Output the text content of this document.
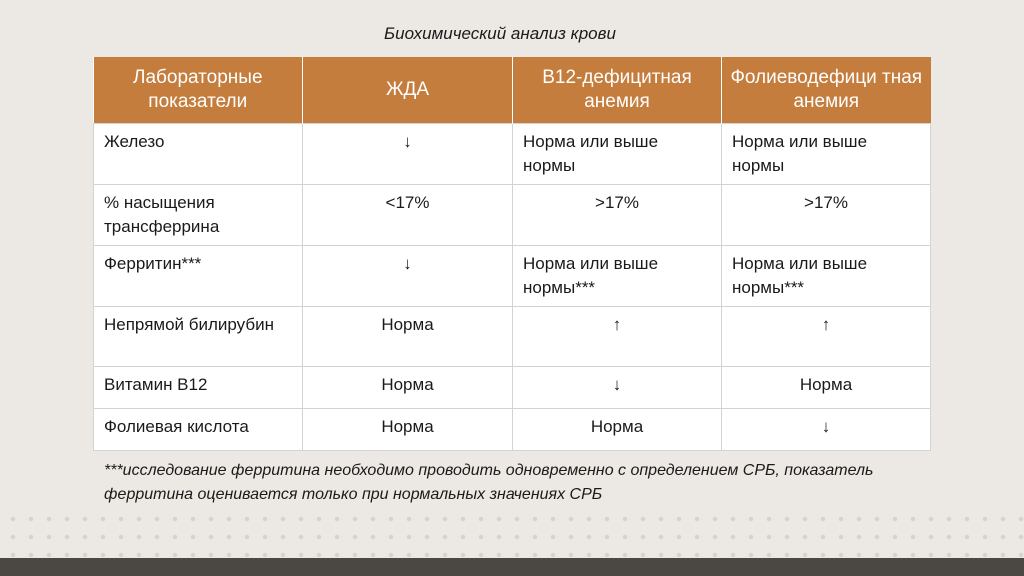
Биохимический анализ крови
Лабораторные показатели	ЖДА	В12-дефицитная анемия	Фолиеводефици тная анемия
Железо	↓	Норма или выше нормы	Норма или выше нормы
% насыщения трансферрина	<17%	>17%	>17%
Ферритин***	↓	Норма или выше нормы***	Норма или выше нормы***
Непрямой билирубин	Норма	↑	↑
Витамин В12	Норма	↓	Норма
Фолиевая кислота	Норма	Норма	↓
***исследование ферритина необходимо проводить одновременно с определением СРБ, показатель ферритина оценивается только при нормальных значениях СРБ
